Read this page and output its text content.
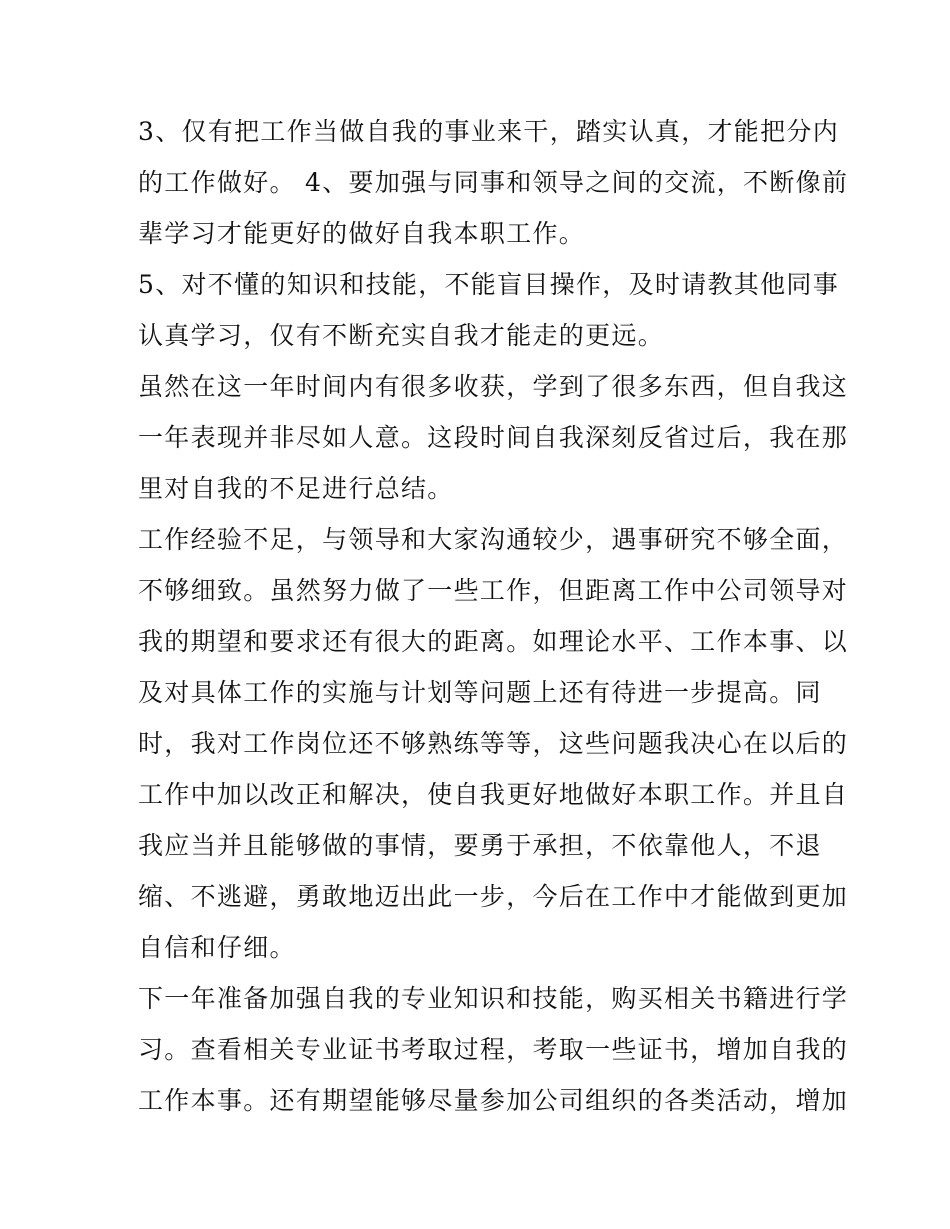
3、仅有把工作当做自我的事业来干，踏实认真，才能把分内
的工作做好。 4、要加强与同事和领导之间的交流，不断像前
辈学习才能更好的做好自我本职工作。

5、对不懂的知识和技能，不能盲目操作，及时请教其他同事
认真学习，仅有不断充实自我才能走的更远。

虽然在这一年时间内有很多收获，学到了很多东西，但自我这
一年表现并非尽如人意。这段时间自我深刻反省过后，我在那
里对自我的不足进行总结。

工作经验不足，与领导和大家沟通较少，遇事研究不够全面，
不够细致。虽然努力做了一些工作，但距离工作中公司领导对
我的期望和要求还有很大的距离。如理论水平、工作本事、以
及对具体工作的实施与计划等问题上还有待进一步提高。同
时，我对工作岗位还不够熟练等等，这些问题我决心在以后的
工作中加以改正和解决，使自我更好地做好本职工作。并且自
我应当并且能够做的事情，要勇于承担，不依靠他人，不退
缩、不逃避，勇敢地迈出此一步，今后在工作中才能做到更加
自信和仔细。

下一年准备加强自我的专业知识和技能，购买相关书籍进行学
习。查看相关专业证书考取过程，考取一些证书，增加自我的
工作本事。还有期望能够尽量参加公司组织的各类活动，增加
